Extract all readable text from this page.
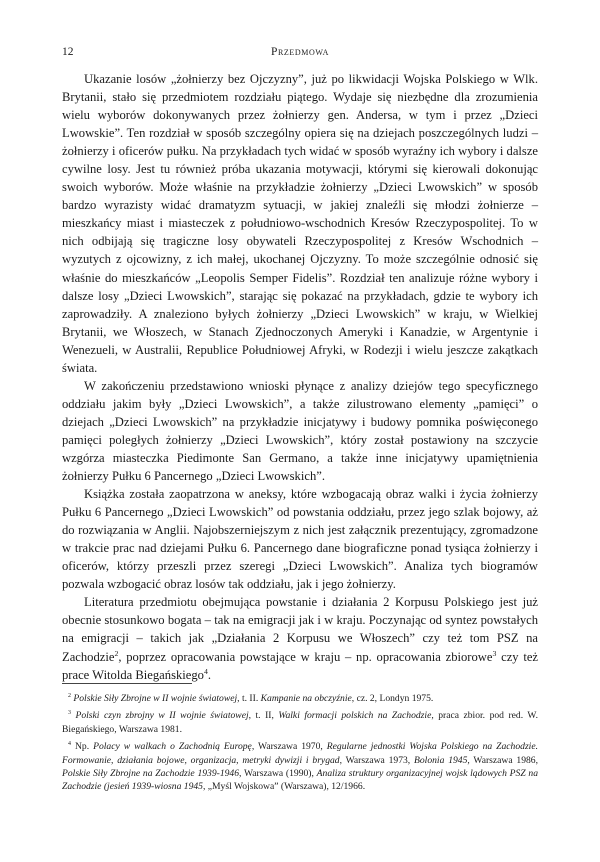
12	Przedmowa

Ukazanie losów „żołnierzy bez Ojczyzny”, już po likwidacji Wojska Polskiego w Wlk. Brytanii, stało się przedmiotem rozdziału piątego. Wydaje się niezbędne dla zrozumienia wielu wyborów dokonywanych przez żołnierzy gen. Andersa, w tym i przez „Dzieci Lwowskie”. Ten rozdział w sposób szczególny opiera się na dziejach poszczególnych ludzi – żołnierzy i oficerów pułku. Na przykładach tych widać w sposób wyraźny ich wybory i dalsze cywilne losy. Jest tu również próba ukazania motywacji, którymi się kierowali dokonując swoich wyborów. Może właśnie na przykładzie żołnierzy „Dzieci Lwowskich” w sposób bardzo wyrazisty widać dramatyzm sytuacji, w jakiej znaleźli się młodzi żołnierze – mieszkańcy miast i miasteczek z południowo-wschodnich Kresów Rzeczypospolitej. To w nich odbijają się tragiczne losy obywateli Rzeczypospolitej z Kresów Wschodnich – wyzutych z ojcowizny, z ich małej, ukochanej Ojczyzny. To może szczególnie odnosić się właśnie do mieszkańców „Leopolis Semper Fidelis”. Rozdział ten analizuje różne wybory i dalsze losy „Dzieci Lwowskich”, starając się pokazać na przykładach, gdzie te wybory ich zaprowadziły. A znaleziono byłych żołnierzy „Dzieci Lwowskich” w kraju, w Wielkiej Brytanii, we Włoszech, w Stanach Zjednoczonych Ameryki i Kanadzie, w Argentynie i Wenezueli, w Australii, Republice Południowej Afryki, w Rodezji i wielu jeszcze zakątkach świata.

W zakończeniu przedstawiono wnioski płynące z analizy dziejów tego specyficznego oddziału jakim były „Dzieci Lwowskich”, a także zilustrowano elementy „pamięci” o dziejach „Dzieci Lwowskich” na przykładzie inicjatywy i budowy pomnika poświęconego pamięci poległych żołnierzy „Dzieci Lwowskich”, który został postawiony na szczycie wzgórza miasteczka Piedimonte San Germano, a także inne inicjatywy upamiętnienia żołnierzy Pułku 6 Pancernego „Dzieci Lwowskich”.

Książka została zaopatrzona w aneksy, które wzbogacają obraz walki i życia żołnierzy Pułku 6 Pancernego „Dzieci Lwowskich” od powstania oddziału, przez jego szlak bojowy, aż do rozwiązania w Anglii. Najobszerniejszym z nich jest załącznik prezentujący, zgromadzone w trakcie prac nad dziejami Pułku 6. Pancernego dane biograficzne ponad tysiąca żołnierzy i oficerów, którzy przeszli przez szeregi „Dzieci Lwowskich”. Analiza tych biogramów pozwala wzbogacić obraz losów tak oddziału, jak i jego żołnierzy.

Literatura przedmiotu obejmująca powstanie i działania 2 Korpusu Polskiego jest już obecnie stosunkowo bogata – tak na emigracji jak i w kraju. Poczynając od syntez powstałych na emigracji – takich jak „Działania 2 Korpusu we Włoszech” czy też tom PSZ na Zachodzie$^2$, poprzez opracowania powstające w kraju – np. opracowania zbiorowe$^3$ czy też prace Witolda Biegańskiego$^4$.

$^2$ Polskie Siły Zbrojne w II wojnie światowej, t. II. Kampanie na obczyźnie, cz. 2, Londyn 1975.

$^3$ Polski czyn zbrojny w II wojnie światowej, t. II, Walki formacji polskich na Zachodzie, praca zbior. pod red. W. Biegańskiego, Warszawa 1981.

$^4$ Np. Polacy w walkach o Zachodnią Europę, Warszawa 1970, Regularne jednostki Wojska Polskiego na Zachodzie. Formowanie, działania bojowe, organizacja, metryki dywizji i brygad, Warszawa 1973, Bolonia 1945, Warszawa 1986, Polskie Siły Zbrojne na Zachodzie 1939-1946, Warszawa (1990), Analiza struktury organizacyjnej wojsk lądowych PSZ na Zachodzie (jesień 1939-wiosna 1945, „Myśl Wojskowa” (Warszawa), 12/1966.
